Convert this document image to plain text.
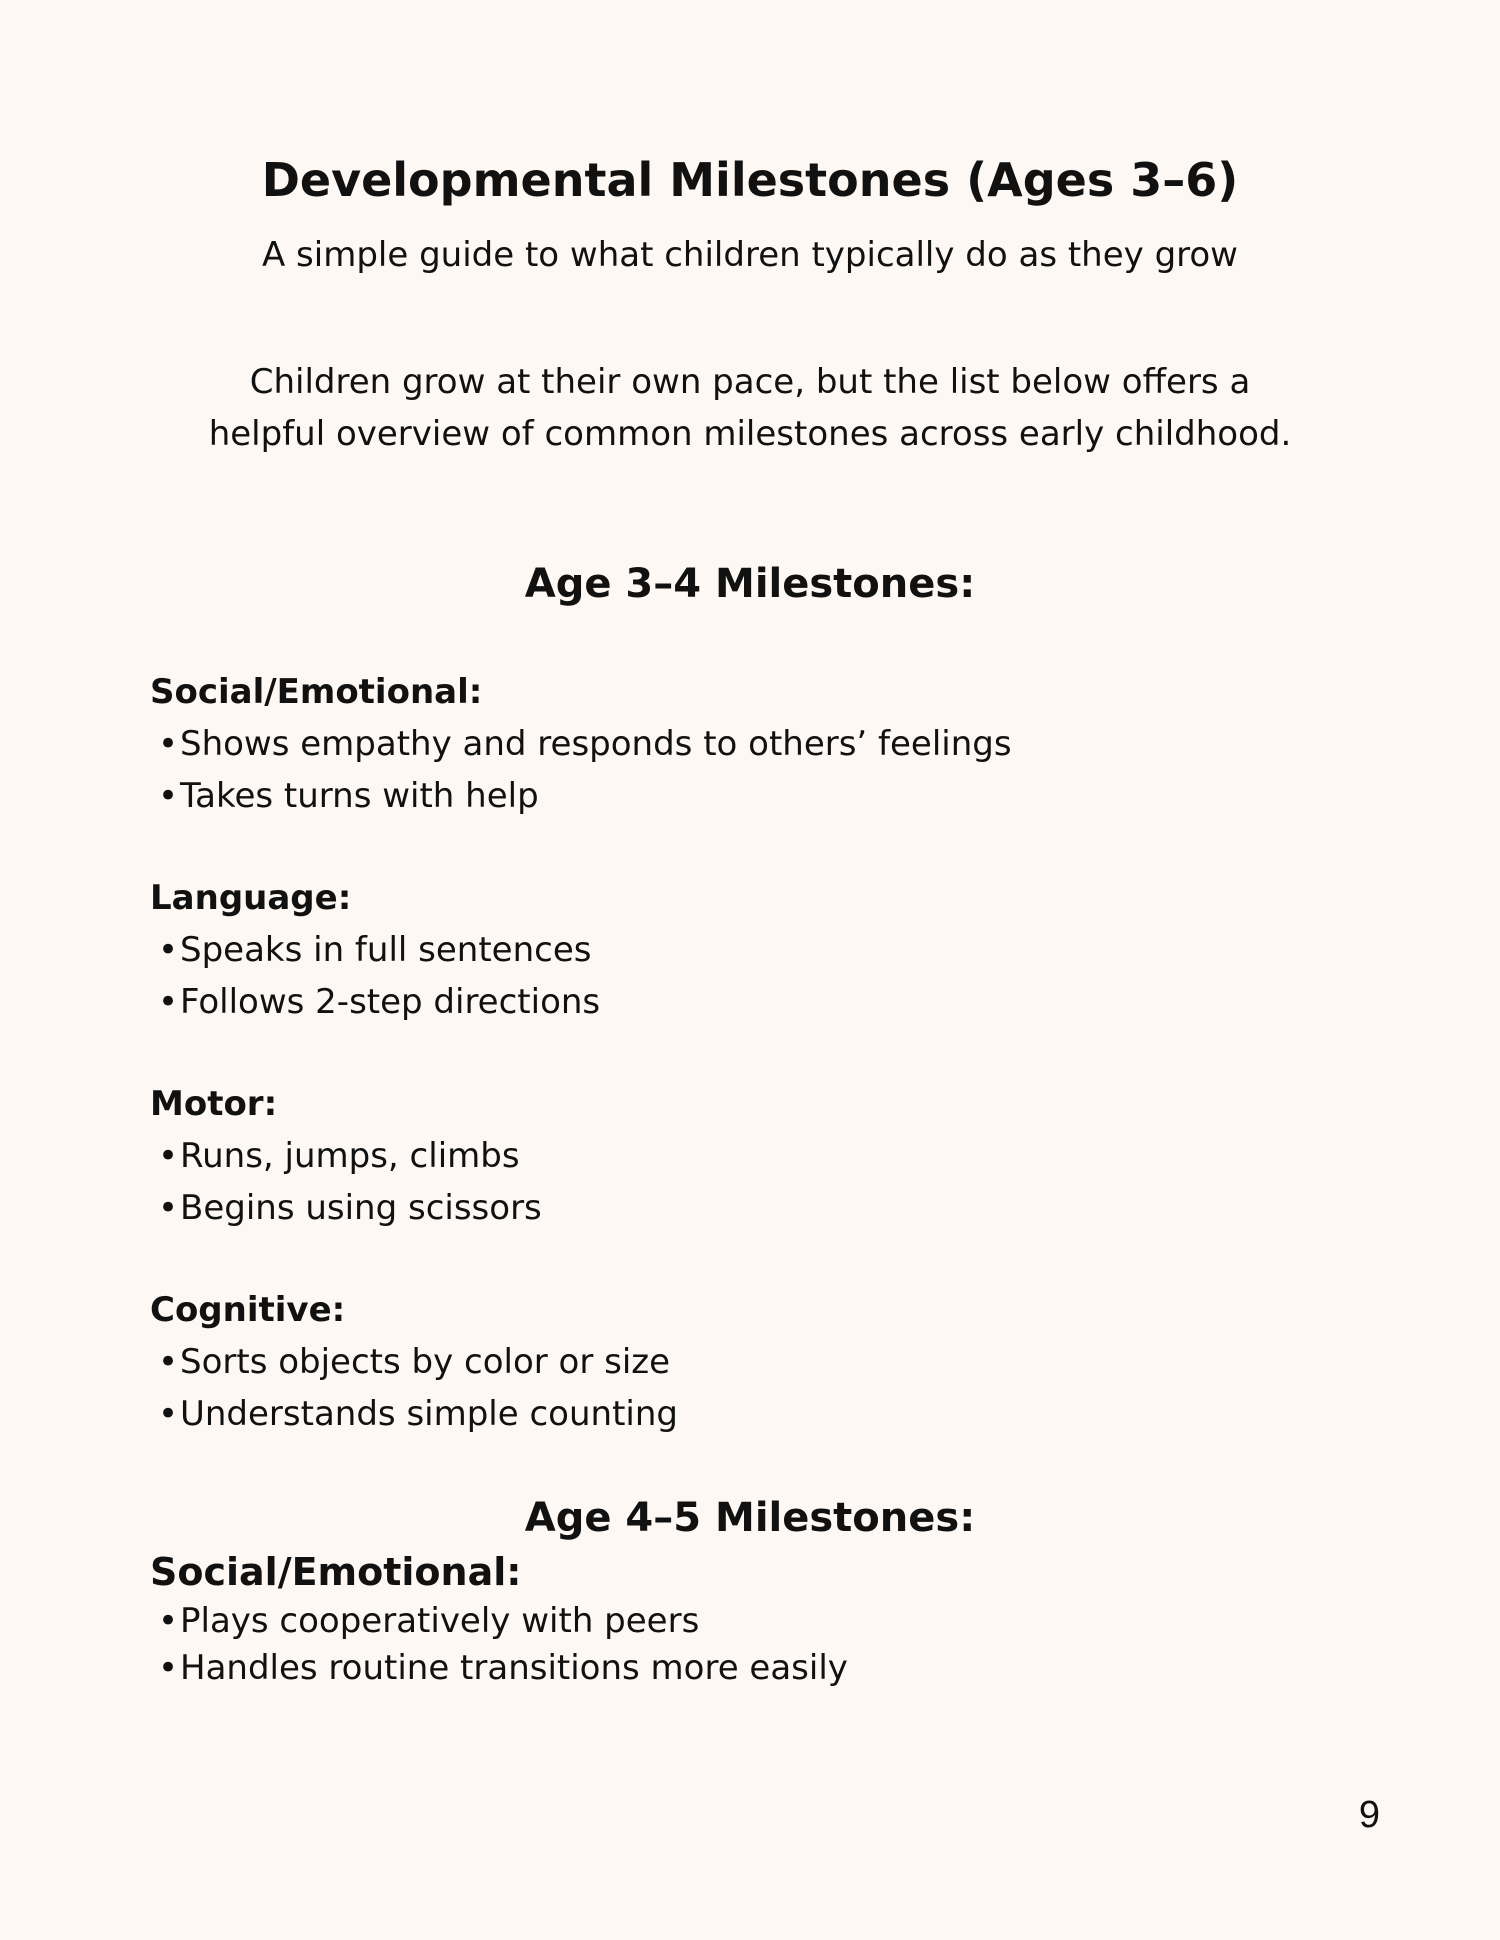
Developmental Milestones (Ages 3–6)

A simple guide to what children typically do as they grow

Children grow at their own pace, but the list below offers a
helpful overview of common milestones across early childhood.
Age 3–4 Milestones:

Social/Emotional:

•Shows empathy and responds to others’ feelings

•Takes turns with help

Language:

•Speaks in full sentences

•Follows 2-step directions

Motor:

•Runs, jumps, climbs

•Begins using scissors

Cognitive:

•Sorts objects by color or size

•Understands simple counting

Age 4–5 Milestones:

Social/Emotional:

•Plays cooperatively with peers

•Handles routine transitions more easily

9
